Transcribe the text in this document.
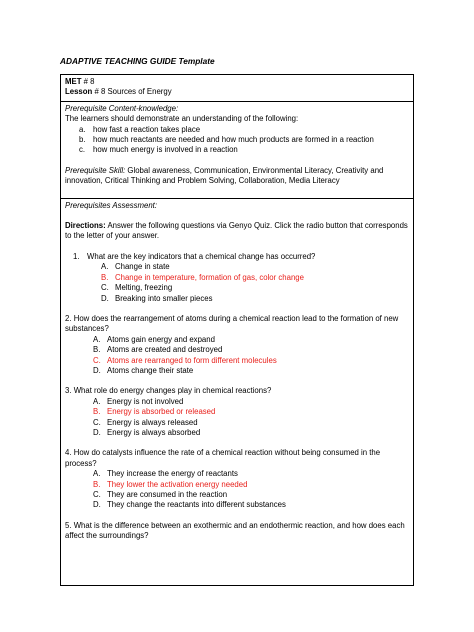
ADAPTIVE TEACHING GUIDE Template

MET # 8

Lesson # 8 Sources of Energy

Prerequisite Content-knowledge:

The learners should demonstrate an understanding of the following:

a. how fast a reaction takes place
b. how much reactants are needed and how much products are formed in a reaction
c.	how much energy is involved in a reaction

Prerequisite Skill: Global awareness, Communication, Environmental Literacy, Creativity and innovation, Critical Thinking and Problem Solving, Collaboration, Media Literacy

Prerequisites Assessment:

Directions: Answer the following questions via Genyo Quiz. Click the radio button that corresponds to the letter of your answer.

1. What are the key indicators that a chemical change has occurred?
A. Change in state
B. Change in temperature, formation of gas, color change
C. Melting, freezing
D. Breaking into smaller pieces

2. How does the rearrangement of atoms during a chemical reaction lead to the formation of new substances?

A. Atoms gain energy and expand
B. Atoms are created and destroyed
C. Atoms are rearranged to form different molecules
D. Atoms change their state

3. What role do energy changes play in chemical reactions?

A. Energy is not involved
B. Energy is absorbed or released
C. Energy is always released
D. Energy is always absorbed

4. How do catalysts influence the rate of a chemical reaction without being consumed in the process?

A. They increase the energy of reactants
B. They lower the activation energy needed
C. They are consumed in the reaction
D. They change the reactants into different substances

5. What is the difference between an exothermic and an endothermic reaction, and how does each affect the surroundings?
